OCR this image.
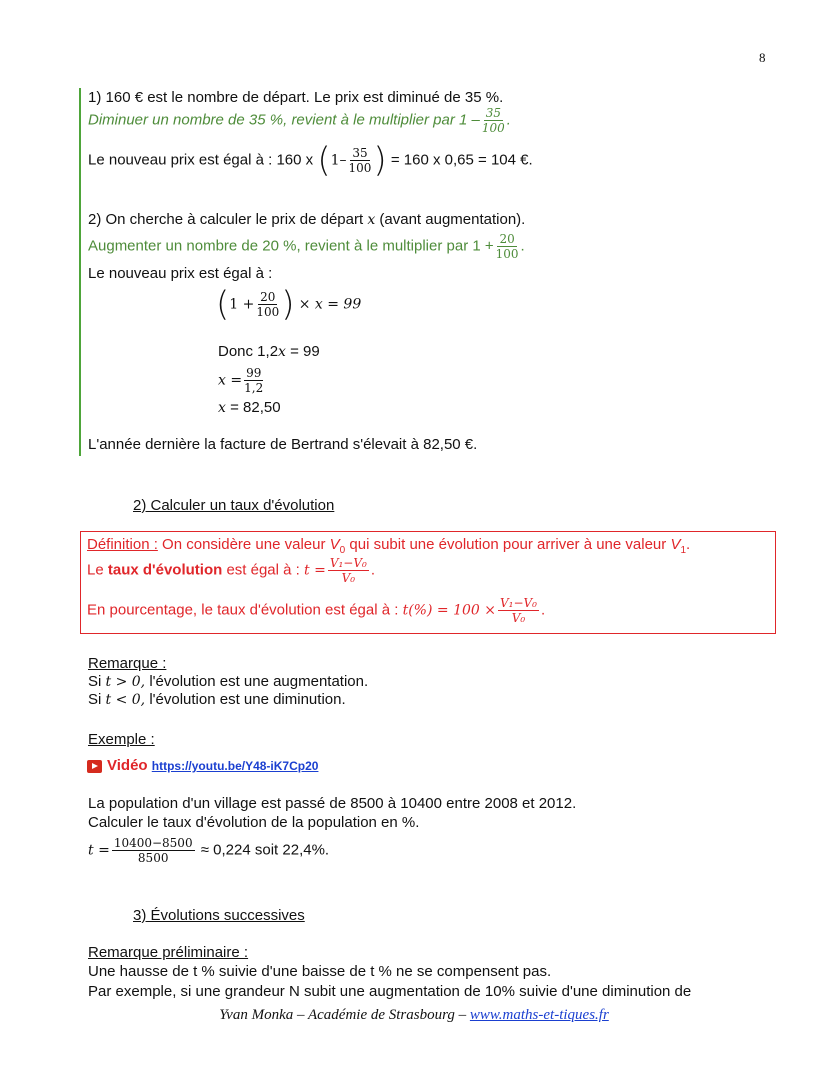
8
1) 160 € est le nombre de départ. Le prix est diminué de 35 %.
Diminuer un nombre de 35 %, revient à le multiplier par $1 - \frac{35}{100}$ .
Le nouveau prix est égal à : 160 x ($1- \frac{35}{100}$ ) = 160 x 0,65 = 104 €.
2) On cherche à calculer le prix de départ x (avant augmentation).
Augmenter un nombre de 20 %, revient à le multiplier par $1 + \frac{20}{100}$ .
Le nouveau prix est égal à :
($1 + \frac{20}{100}$ ) × x = 99
Donc 1,2x = 99
$x = \frac{99}{1,2}$
x = 82,50
L'année dernière la facture de Bertrand s'élevait à 82,50 €.
2) Calculer un taux d'évolution
Définition : On considère une valeur $V_0$ qui subit une évolution pour arriver à une valeur $V_1$.
Le taux d'évolution est égal à : $t = \frac{\text{V₁−V₀}}{\text{V₀}}$ .
En pourcentage, le taux d'évolution est égal à : $t(\%) = 100 \times \frac{\text{V₁−V₀}}{\text{V₀}}$ .
Remarque :
Si t > 0, l'évolution est une augmentation.
Si t < 0, l'évolution est une diminution.
Exemple :
Vidéo https://youtu.be/Y48-iK7Cp20
La population d'un village est passé de 8500 à 10400 entre 2008 et 2012.
Calculer le taux d'évolution de la population en %.
$t = \frac{10400-8500}{8500} \approx 0,224$ soit 22,4%.
3) Évolutions successives
Remarque préliminaire :
Une hausse de t % suivie d'une baisse de t % ne se compensent pas.
Par exemple, si une grandeur N subit une augmentation de 10% suivie d'une diminution de
Yvan Monka – Académie de Strasbourg – www.maths-et-tiques.fr
